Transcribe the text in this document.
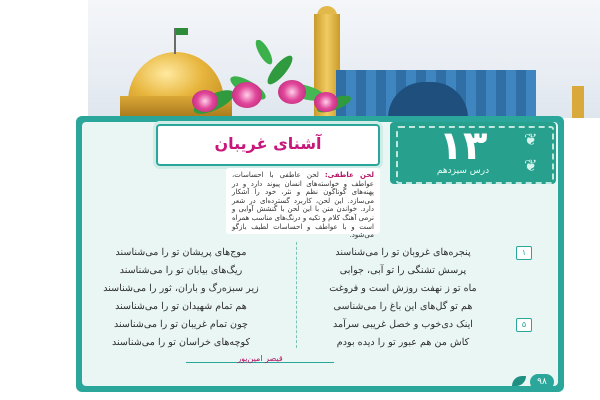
❦
❦
۱۳
درس سیزدهم
آشنای غریبان
لحن عاطفی: لحن عاطفی با احساسات، عواطف و خواسته‌های انسان پیوند دارد و در پهنه‌های گوناگون نظم و نثر، خود را آشکار می‌سازد. این لحن، کاربرد گسترده‌ای در شعر دارد. خواندن متن با این لحن با گنشش آوایی و نرمی آهنگ کلام و تکیه و درنگ‌های مناسب همراه است و با عواطف و احساسات لطیف بازگو می‌شود.
پنجره‌های غروبان تو را می‌شناسند
پرسش تشنگی را تو آبی، جوابی
ماه تو ز نهفت روزش است و فروغت
هم تو گل‌های این باغ را می‌شناسی
اینک دی‌خوب و خصل غریبی سرآمد
کاش من هم عبور تو را دیده بودم
موج‌های پریشان تو را می‌شناسند
ریگ‌های بیابان تو را می‌شناسند
زیر سبزه‌رگ و باران، ثور را می‌شناسند
هم تمام شهیدان تو را می‌شناسند
چون تمام غریبان تو را می‌شناسند
کوچه‌های خراسان تو را می‌شناسند
۱
۵
قیصر امین‌پور
۹۸
